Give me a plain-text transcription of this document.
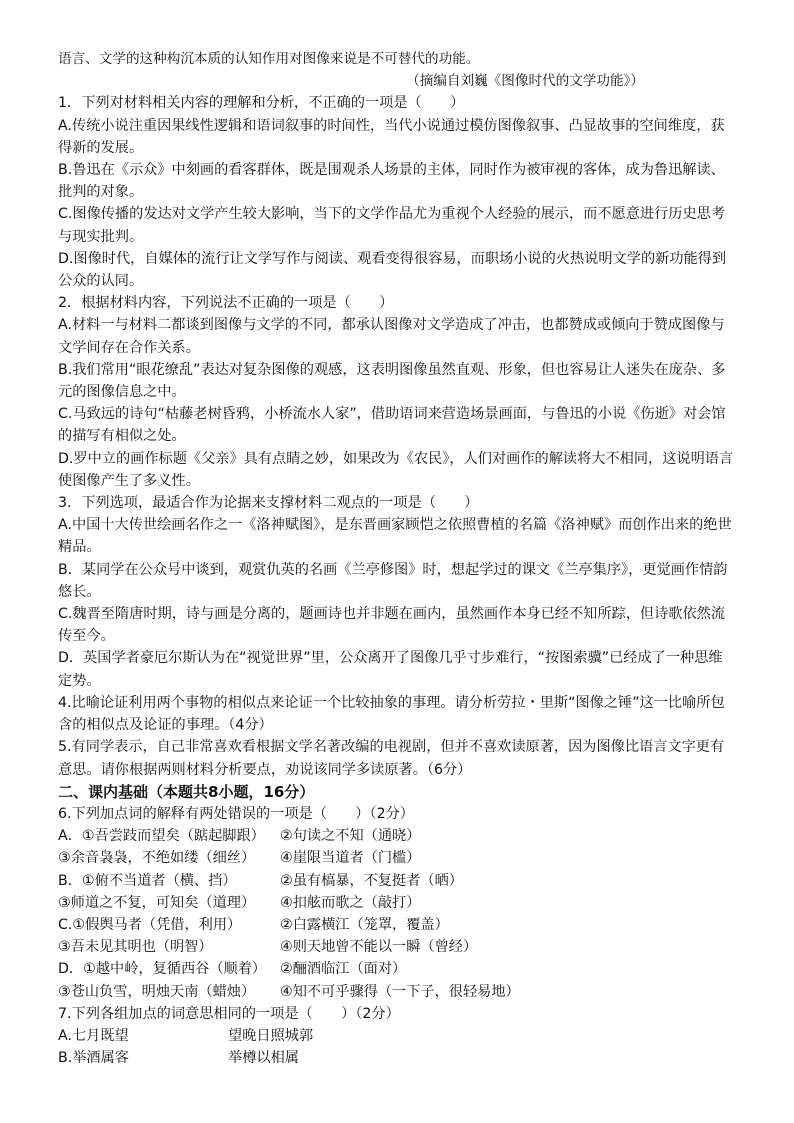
语言、文学的这种构沉本质的认知作用对图像来说是不可替代的功能。

（摘编自刘巍《图像时代的文学功能》）

1．下列对材料相关内容的理解和分析，不正确的一项是（　　）

A.传统小说注重因果线性逻辑和语词叙事的时间性，当代小说通过模仿图像叙事、凸显故事的空间维度，获得新的发展。

B.鲁迅在《示众》中刻画的看客群体，既是围观杀人场景的主体，同时作为被审视的客体，成为鲁迅解读、批判的对象。

C.图像传播的发达对文学产生较大影响，当下的文学作品尤为重视个人经验的展示，而不愿意进行历史思考与现实批判。

D.图像时代，自媒体的流行让文学写作与阅读、观看变得很容易，而职场小说的火热说明文学的新功能得到公众的认同。

2．根据材料内容，下列说法不正确的一项是（　　）

A.材料一与材料二都谈到图像与文学的不同，都承认图像对文学造成了冲击，也都赞成或倾向于赞成图像与文学间存在合作关系。

B.我们常用“眼花缭乱”表达对复杂图像的观感，这表明图像虽然直观、形象，但也容易让人迷失在庞杂、多元的图像信息之中。

C.马致远的诗句“枯藤老树昏鸦，小桥流水人家”，借助语词来营造场景画面，与鲁迅的小说《伤逝》对会馆的描写有相似之处。

D.罗中立的画作标题《父亲》具有点睛之妙，如果改为《农民》，人们对画作的解读将大不相同，这说明语言使图像产生了多义性。

3．下列选项，最适合作为论据来支撑材料二观点的一项是（　　）

A.中国十大传世绘画名作之一《洛神赋图》，是东晋画家顾恺之依照曹植的名篇《洛神赋》而创作出来的绝世精品。

B．某同学在公众号中谈到，观赏仇英的名画《兰亭修图》时，想起学过的课文《兰亭集序》，更觉画作情韵悠长。

C.魏晋至隋唐时期，诗与画是分离的，题画诗也并非题在画内，虽然画作本身已经不知所踪，但诗歌依然流传至今。

D．英国学者豪厄尔斯认为在“视觉世界”里，公众离开了图像几乎寸步难行，“按图索骥”已经成了一种思维定势。

4.比喻论证利用两个事物的相似点来论证一个比较抽象的事理。请分析劳拉・里斯“图像之锤”这一比喻所包含的相似点及论证的事理。（4分）

5.有同学表示，自己非常喜欢看根据文学名著改编的电视剧，但并不喜欢读原著，因为图像比语言文字更有意思。请你根据两则材料分析要点，劝说该同学多读原著。（6分）

二、课内基础（本题共8小题，16分）

6.下列加点词的解释有两处错误的一项是（　　）（2分）

A．①吾尝跂而望矣（踮起脚跟）	②句读之不知（通晓）
③余音袅袅，不绝如缕（细丝）	④崖限当道者（门槛）
B．①俯不当道者（横、挡）	②虽有槁暴，不复挺者（晒）
③师道之不复，可知矣（道理）	④扣舷而歌之（敲打）
C.①假舆马者（凭借，利用）	②白露横江（笼罩，覆盖）
③吾未见其明也（明智）	④则天地曾不能以一瞬（曾经）
D．①越中岭，复循西谷（顺着） ②酾酒临江（面对）
③苍山负雪，明烛天南（蜡烛）	④知不可乎骤得（一下子，很轻易地）

7.下列各组加点的词意思相同的一项是（　　）（2分）

A.七月既望	望晚日照城郭
B.举酒属客	举樽以相属
